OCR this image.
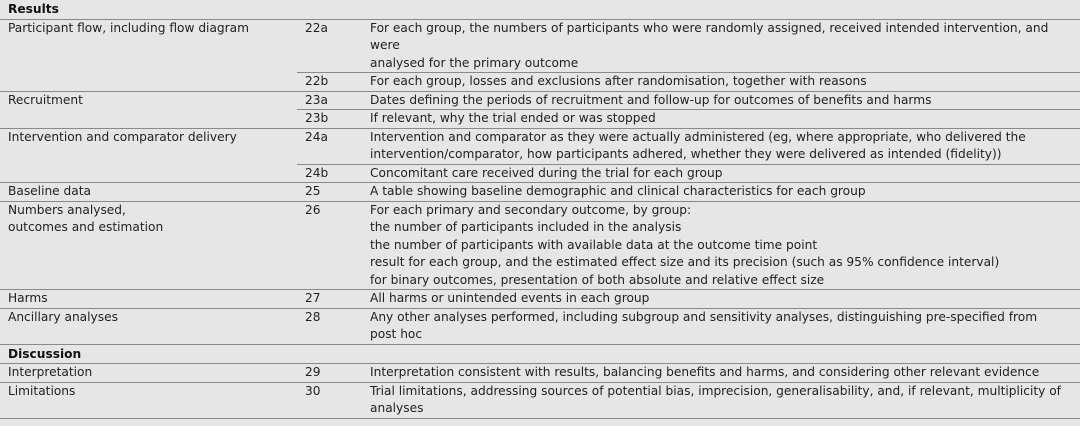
Results		

Participant flow, including flow diagram	22a	For each group, the numbers of participants who were randomly assigned, received intended intervention, and were
analysed for the primary outcome

	22b	For each group, losses and exclusions after randomisation, together with reasons

Recruitment	23a	Dates defining the periods of recruitment and follow-up for outcomes of benefits and harms

	23b	If relevant, why the trial ended or was stopped

Intervention and comparator delivery	24a	Intervention and comparator as they were actually administered (eg, where appropriate, who delivered the
intervention/comparator, how participants adhered, whether they were delivered as intended (fidelity))

	24b	Concomitant care received during the trial for each group

Baseline data	25	A table showing baseline demographic and clinical characteristics for each group

Numbers analysed,
outcomes and estimation	26	For each primary and secondary outcome, by group:
the number of participants included in the analysis
the number of participants with available data at the outcome time point
result for each group, and the estimated effect size and its precision (such as 95% confidence interval)
for binary outcomes, presentation of both absolute and relative effect size

Harms	27	All harms or unintended events in each group

Ancillary analyses	28	Any other analyses performed, including subgroup and sensitivity analyses, distinguishing pre-specified from
post hoc

Discussion		

Interpretation	29	Interpretation consistent with results, balancing benefits and harms, and considering other relevant evidence

Limitations	30	Trial limitations, addressing sources of potential bias, imprecision, generalisability, and, if relevant, multiplicity of
analyses
